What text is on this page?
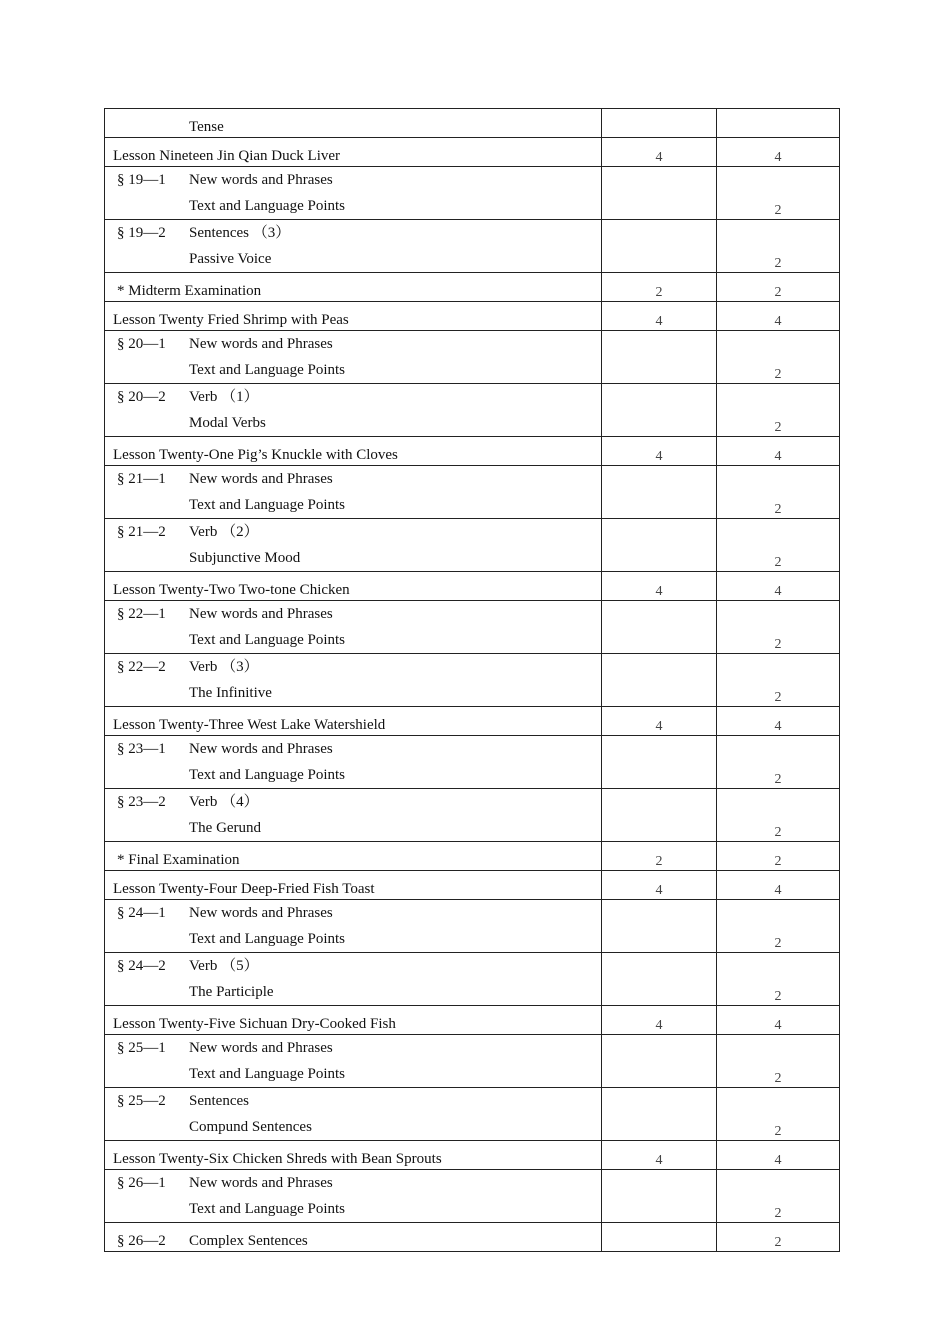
Tense		

Lesson Nineteen Jin Qian Duck Liver	4	4

§ 19—1 New words and Phrases
Text and Language Points		2

§ 19—2 Sentences （3）
Passive Voice		2

* Midterm Examination	2	2

Lesson Twenty Fried Shrimp with Peas	4	4

§ 20—1 New words and Phrases
Text and Language Points		2

§ 20—2 Verb （1）
Modal Verbs		2

Lesson Twenty-One Pig’s Knuckle with Cloves	4	4

§ 21—1 New words and Phrases
Text and Language Points		2

§ 21—2 Verb （2）
Subjunctive Mood		2

Lesson Twenty-Two Two-tone Chicken	4	4

§ 22—1 New words and Phrases
Text and Language Points		2

§ 22—2 Verb （3）
The Infinitive		2

Lesson Twenty-Three West Lake Watershield	4	4

§ 23—1 New words and Phrases
Text and Language Points		2

§ 23—2 Verb （4）
The Gerund		2

* Final Examination	2	2

Lesson Twenty-Four Deep-Fried Fish Toast	4	4

§ 24—1 New words and Phrases
Text and Language Points		2

§ 24—2 Verb （5）
The Participle		2

Lesson Twenty-Five Sichuan Dry-Cooked Fish	4	4

§ 25—1 New words and Phrases
Text and Language Points		2

§ 25—2 Sentences
Compund Sentences		2

Lesson Twenty-Six Chicken Shreds with Bean Sprouts	4	4

§ 26—1 New words and Phrases
Text and Language Points		2

§ 26—2 Complex Sentences		2
